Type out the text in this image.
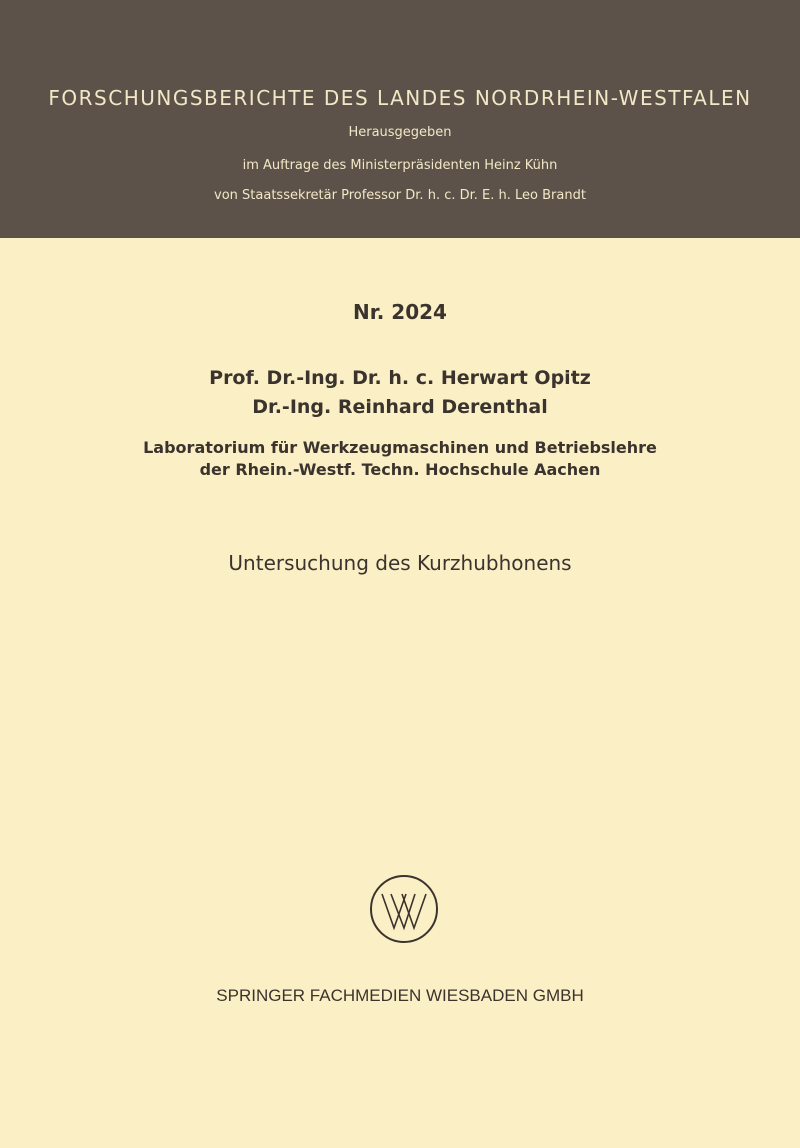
FORSCHUNGSBERICHTE DES LANDES NORDRHEIN-WESTFALEN
Herausgegeben
im Auftrage des Ministerpräsidenten Heinz Kühn
von Staatssekretär Professor Dr. h. c. Dr. E. h. Leo Brandt
Nr. 2024
Prof. Dr.-Ing. Dr. h. c. Herwart Opitz
Dr.-Ing. Reinhard Derenthal
Laboratorium für Werkzeugmaschinen und Betriebslehre
der Rhein.-Westf. Techn. Hochschule Aachen
Untersuchung des Kurzhubhonens
SPRINGER FACHMEDIEN WIESBADEN GMBH
